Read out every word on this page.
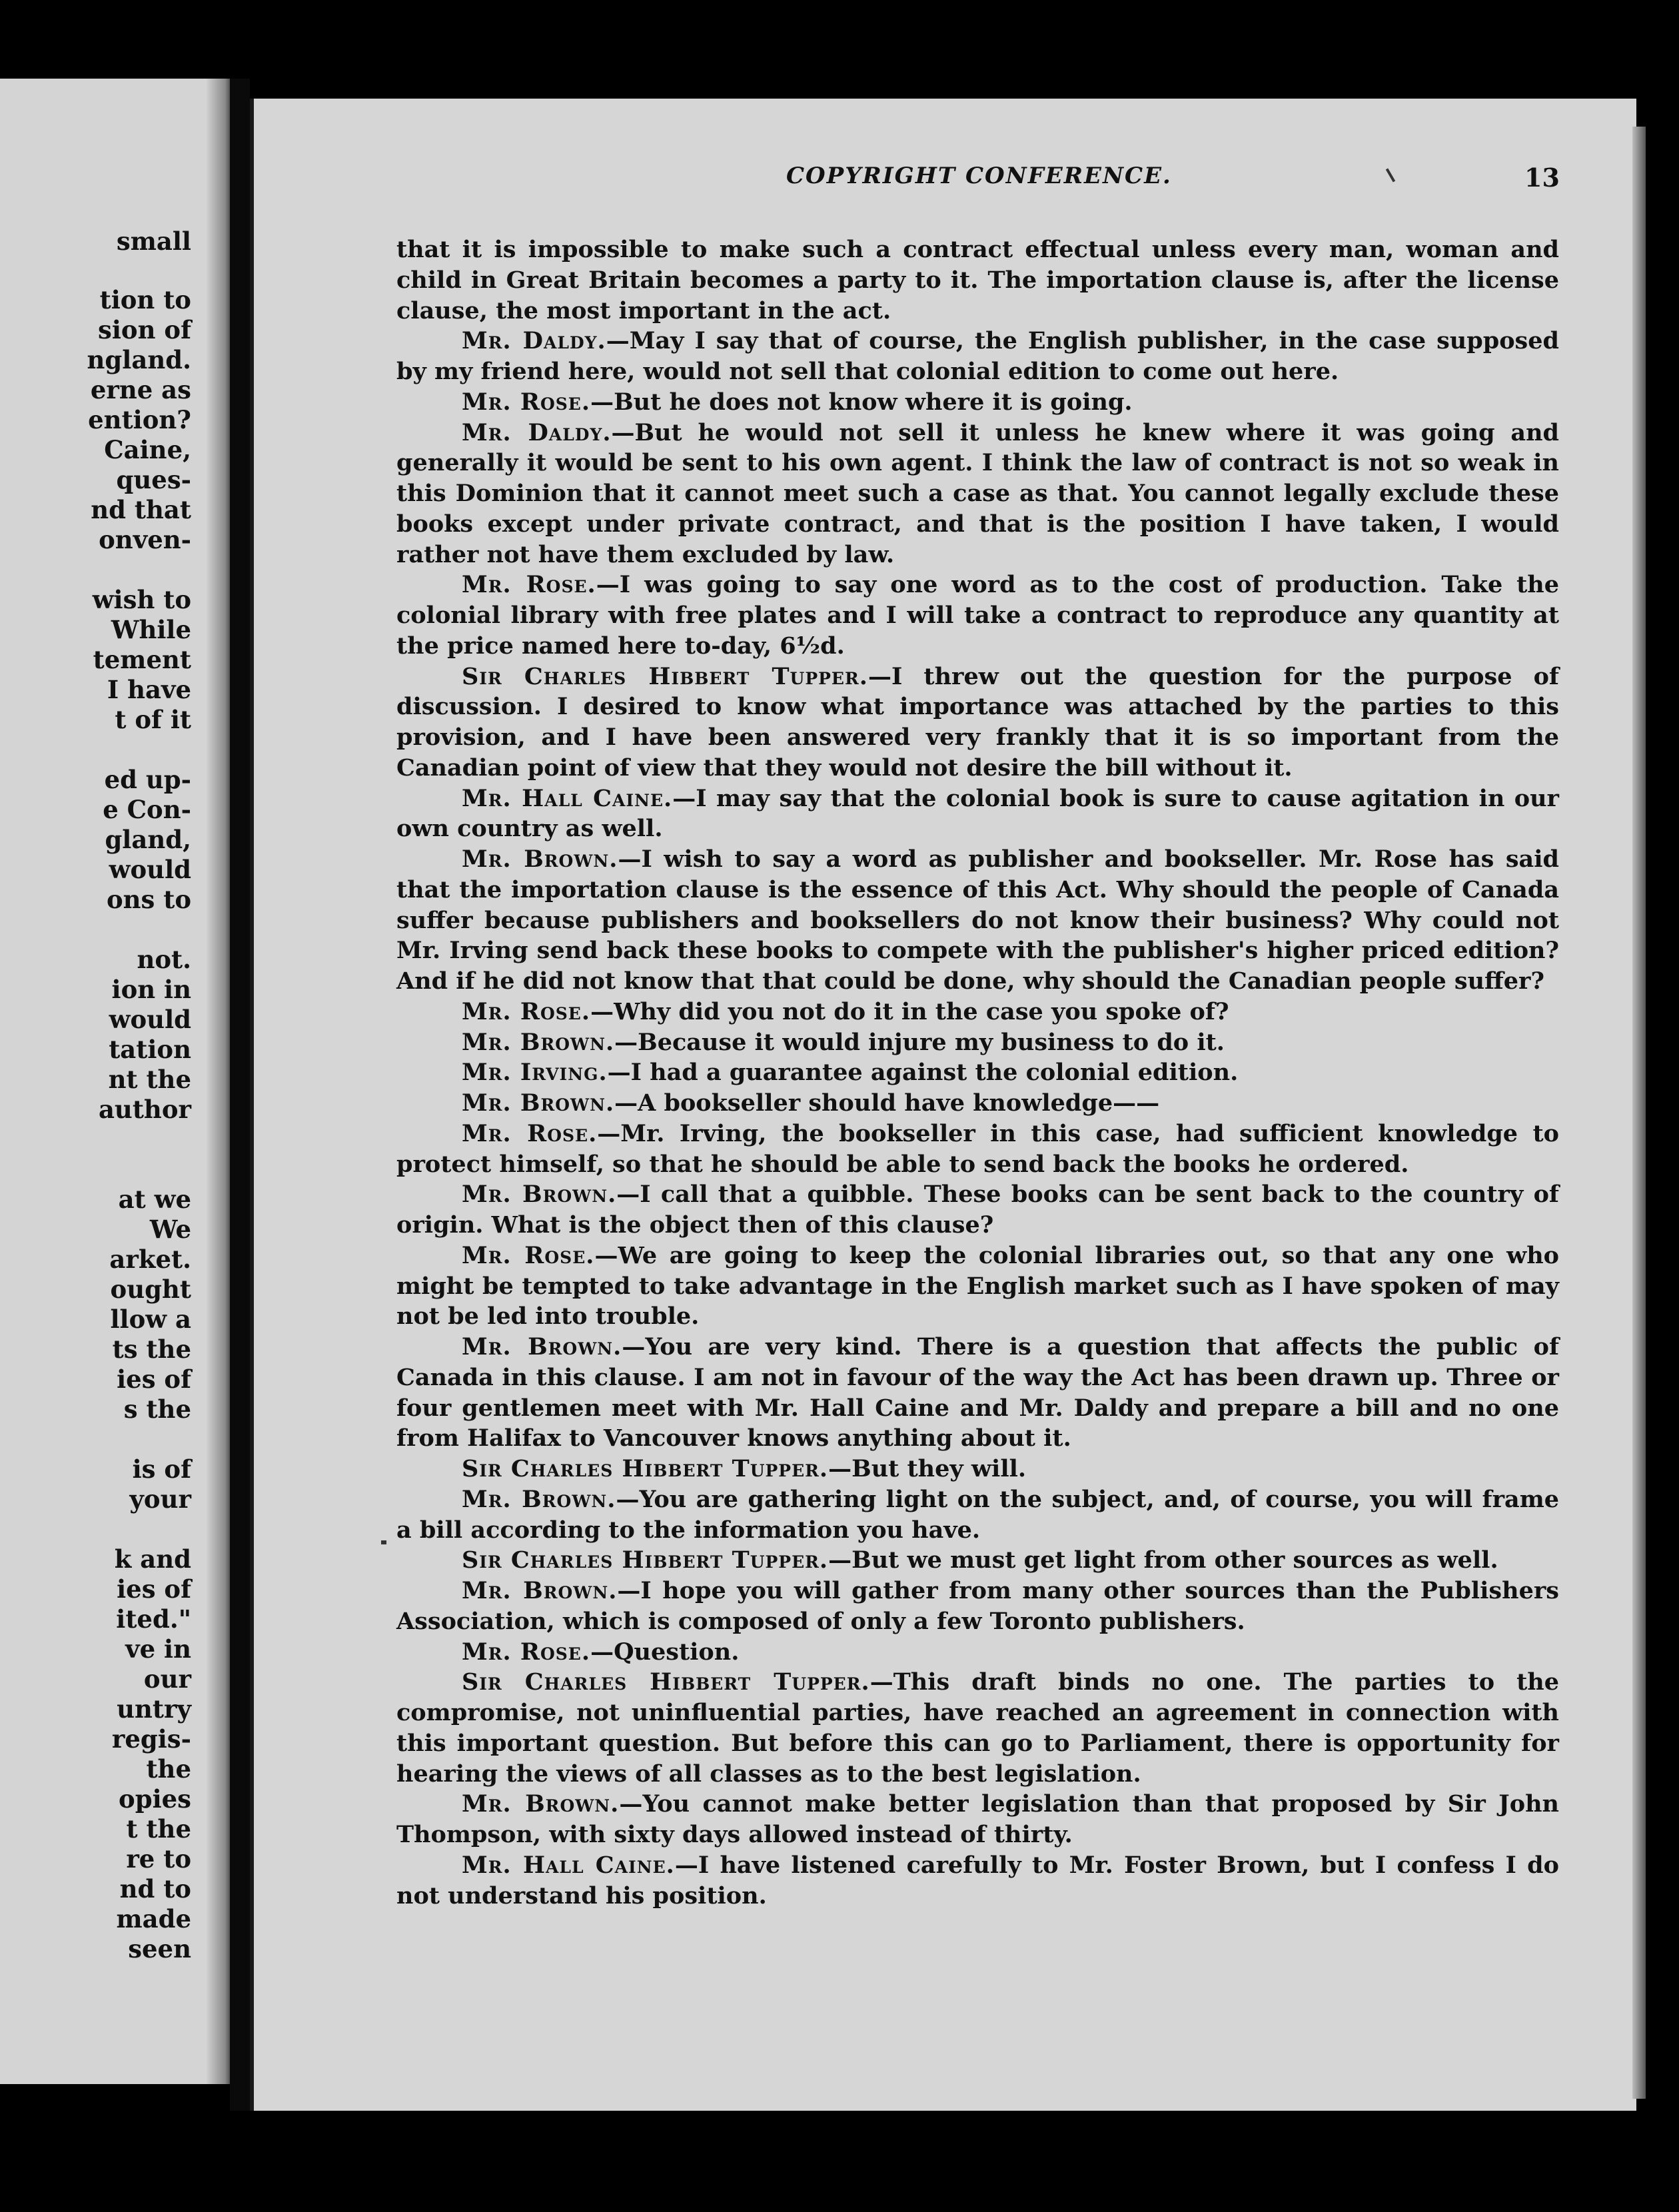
small

tion to

sion of

ngland.

erne as

ention?

Caine,

ques-

nd that

onven-

wish to

While

tement

I have

t of it

ed up-

e Con-

gland,

would

ons to

not.

ion in

would

tation

nt the

author

at we

We

arket.

ought

llow a

ts the

ies of

s the

is of

your

k and

ies of

ited."

ve in

our

untry

regis-

the

opies

t the

re to

nd to

made

seen

COPYRIGHT CONFERENCE.	13

that it is impossible to make such a contract effectual unless every man, woman and child in Great Britain becomes a party to it. The importation clause is, after the license clause, the most important in the act.

Mr. Daldy.—May I say that of course, the English publisher, in the case supposed by my friend here, would not sell that colonial edition to come out here.

Mr. Rose.—But he does not know where it is going.

Mr. Daldy.—But he would not sell it unless he knew where it was going and generally it would be sent to his own agent. I think the law of contract is not so weak in this Dominion that it cannot meet such a case as that. You cannot legally exclude these books except under private contract, and that is the position I have taken, I would rather not have them excluded by law.

Mr. Rose.—I was going to say one word as to the cost of production. Take the colonial library with free plates and I will take a contract to reproduce any quantity at the price named here to-day, 6½d.

Sir Charles Hibbert Tupper.—I threw out the question for the purpose of discussion. I desired to know what importance was attached by the parties to this provision, and I have been answered very frankly that it is so important from the Canadian point of view that they would not desire the bill without it.

Mr. Hall Caine.—I may say that the colonial book is sure to cause agitation in our own country as well.

Mr. Brown.—I wish to say a word as publisher and bookseller. Mr. Rose has said that the importation clause is the essence of this Act. Why should the people of Canada suffer because publishers and booksellers do not know their business? Why could not Mr. Irving send back these books to compete with the publisher's higher priced edition? And if he did not know that that could be done, why should the Canadian people suffer?

Mr. Rose.—Why did you not do it in the case you spoke of?

Mr. Brown.—Because it would injure my business to do it.

Mr. Irving.—I had a guarantee against the colonial edition.

Mr. Brown.—A bookseller should have knowledge——

Mr. Rose.—Mr. Irving, the bookseller in this case, had sufficient knowledge to protect himself, so that he should be able to send back the books he ordered.

Mr. Brown.—I call that a quibble. These books can be sent back to the country of origin. What is the object then of this clause?

Mr. Rose.—We are going to keep the colonial libraries out, so that any one who might be tempted to take advantage in the English market such as I have spoken of may not be led into trouble.

Mr. Brown.—You are very kind. There is a question that affects the public of Canada in this clause. I am not in favour of the way the Act has been drawn up. Three or four gentlemen meet with Mr. Hall Caine and Mr. Daldy and prepare a bill and no one from Halifax to Vancouver knows anything about it.

Sir Charles Hibbert Tupper.—But they will.

Mr. Brown.—You are gathering light on the subject, and, of course, you will frame a bill according to the information you have.

Sir Charles Hibbert Tupper.—But we must get light from other sources as well.

Mr. Brown.—I hope you will gather from many other sources than the Publishers Association, which is composed of only a few Toronto publishers.

Mr. Rose.—Question.

Sir Charles Hibbert Tupper.—This draft binds no one. The parties to the compromise, not uninfluential parties, have reached an agreement in connection with this important question. But before this can go to Parliament, there is opportunity for hearing the views of all classes as to the best legislation.

Mr. Brown.—You cannot make better legislation than that proposed by Sir John Thompson, with sixty days allowed instead of thirty.

Mr. Hall Caine.—I have listened carefully to Mr. Foster Brown, but I confess I do not understand his position.
